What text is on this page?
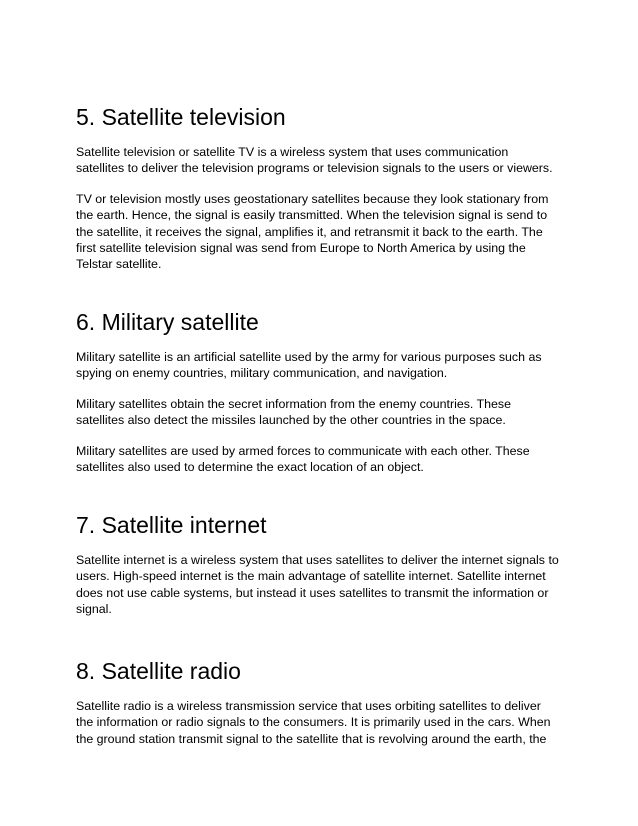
5. Satellite television

Satellite television or satellite TV is a wireless system that uses communication
satellites to deliver the television programs or television signals to the users or viewers.

TV or television mostly uses geostationary satellites because they look stationary from
the earth. Hence, the signal is easily transmitted. When the television signal is send to
the satellite, it receives the signal, amplifies it, and retransmit it back to the earth. The
first satellite television signal was send from Europe to North America by using the
Telstar satellite.

6. Military satellite

Military satellite is an artificial satellite used by the army for various purposes such as
spying on enemy countries, military communication, and navigation.

Military satellites obtain the secret information from the enemy countries. These
satellites also detect the missiles launched by the other countries in the space.

Military satellites are used by armed forces to communicate with each other. These
satellites also used to determine the exact location of an object.

7. Satellite internet

Satellite internet is a wireless system that uses satellites to deliver the internet signals to
users. High-speed internet is the main advantage of satellite internet. Satellite internet
does not use cable systems, but instead it uses satellites to transmit the information or
signal.

8. Satellite radio

Satellite radio is a wireless transmission service that uses orbiting satellites to deliver
the information or radio signals to the consumers. It is primarily used in the cars. When
the ground station transmit signal to the satellite that is revolving around the earth, the
